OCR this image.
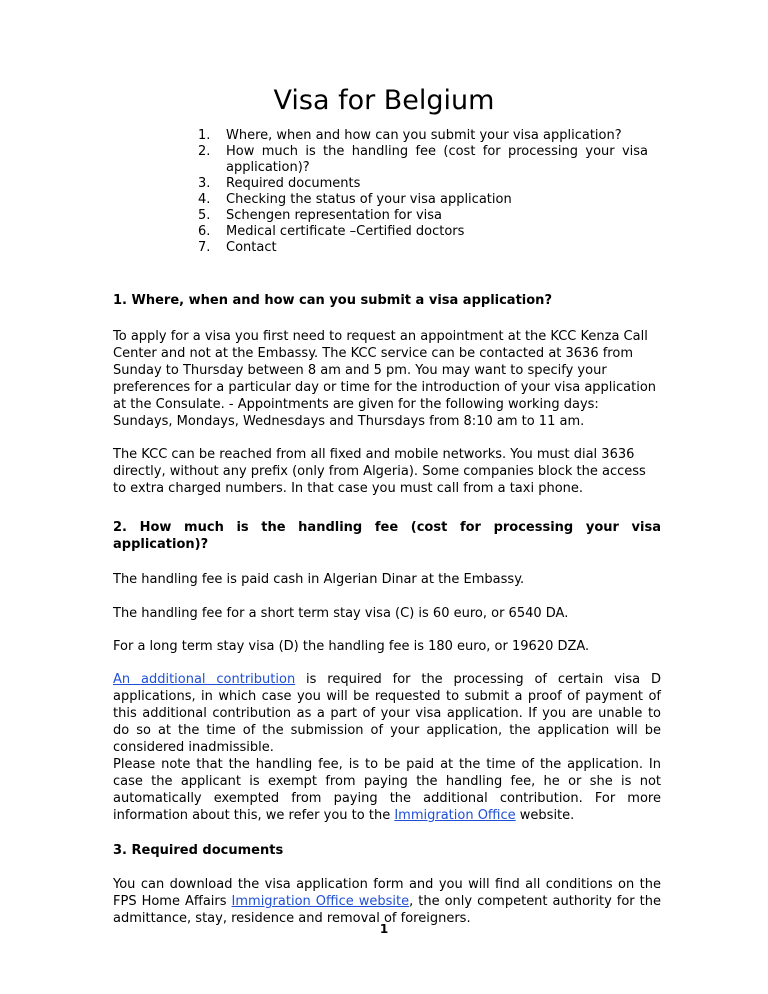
Visa for Belgium
1. Where, when and how can you submit your visa application?
2. How much is the handling fee (cost for processing your visa application)?
3. Required documents
4. Checking the status of your visa application
5. Schengen representation for visa
6. Medical certificate –Certified doctors
7. Contact

1. Where, when and how can you submit a visa application?

To apply for a visa you first need to request an appointment at the KCC Kenza Call Center and not at the Embassy. The KCC service can be contacted at 3636 from Sunday to Thursday between 8 am and 5 pm. You may want to specify your preferences for a particular day or time for the introduction of your visa application at the Consulate. - Appointments are given for the following working days: Sundays, Mondays, Wednesdays and Thursdays from 8:10 am to 11 am.

The KCC can be reached from all fixed and mobile networks. You must dial 3636 directly, without any prefix (only from Algeria). Some companies block the access to extra charged numbers. In that case you must call from a taxi phone.

2. How much is the handling fee (cost for processing your visa application)?

The handling fee is paid cash in Algerian Dinar at the Embassy.

The handling fee for a short term stay visa (C) is 60 euro, or 6540 DA.

For a long term stay visa (D) the handling fee is 180 euro, or 19620 DZA.

An additional contribution is required for the processing of certain visa D applications, in which case you will be requested to submit a proof of payment of this additional contribution as a part of your visa application. If you are unable to do so at the time of the submission of your application, the application will be considered inadmissible.

Please note that the handling fee, is to be paid at the time of the application. In case the applicant is exempt from paying the handling fee, he or she is not automatically exempted from paying the additional contribution. For more information about this, we refer you to the Immigration Office website.

3. Required documents

You can download the visa application form and you will find all conditions on the FPS Home Affairs Immigration Office website, the only competent authority for the admittance, stay, residence and removal of foreigners.

1
